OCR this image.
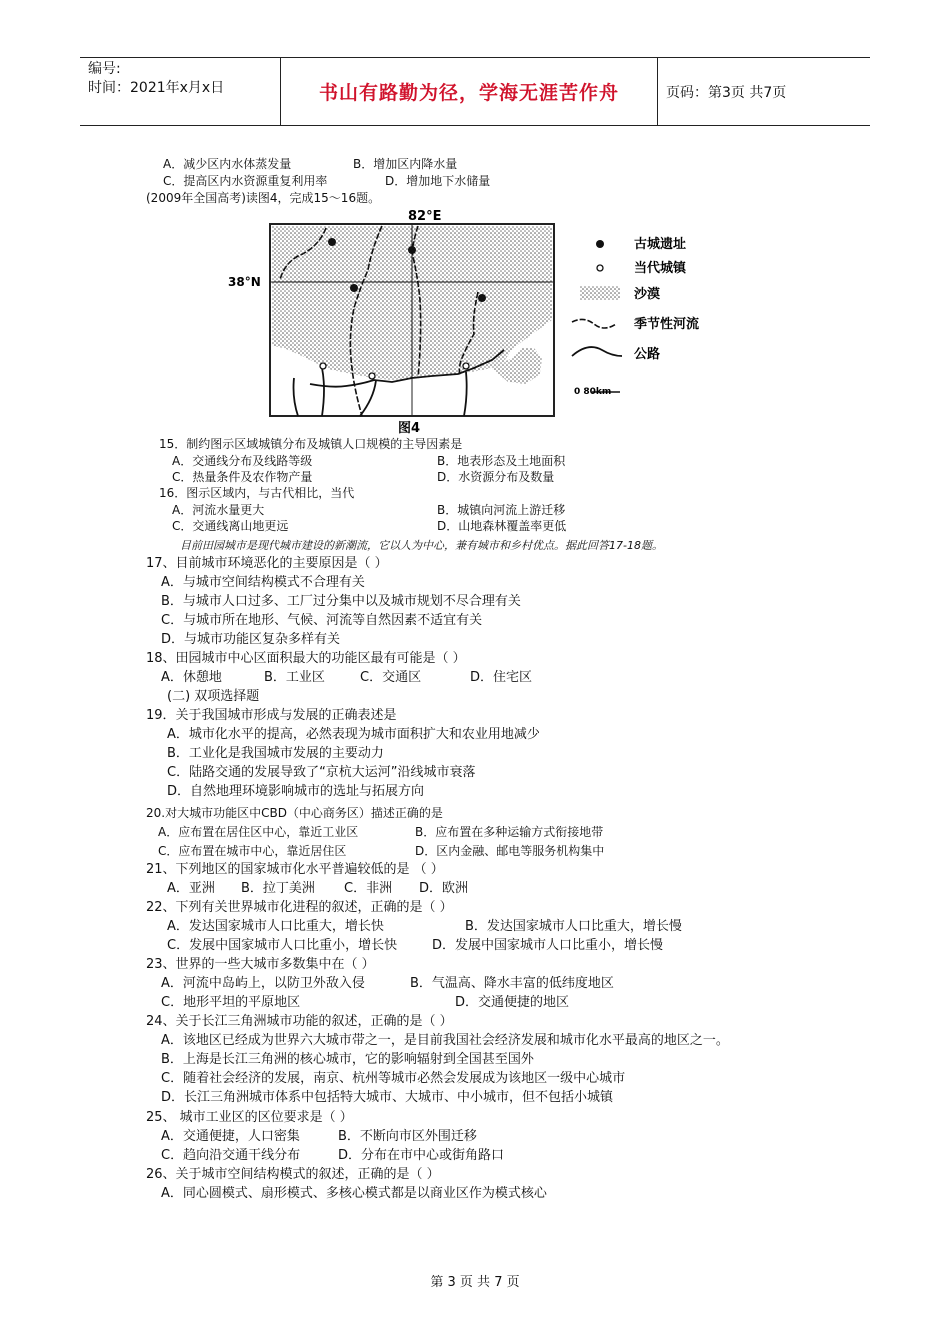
编号:
时间：2021年x月x日	书山有路勤为径，学海无涯苦作舟	页码：第3页 共7页
A．减少区内水体蒸发量	B．增加区内降水量
C．提高区内水资源重复利用率	D．增加地下水储量
(2009年全国高考)读图4，完成15～16题。
82°E
38°N
图4
古城遗址
当代城镇
沙漠
季节性河流
公路
0 80km
15．制约图示区域城镇分布及城镇人口规模的主导因素是
A．交通线分布及线路等级	B．地表形态及土地面积
C．热量条件及农作物产量	D．水资源分布及数量
16．图示区域内，与古代相比，当代
A．河流水量更大	B．城镇向河流上游迁移
C．交通线离山地更远	D．山地森林覆盖率更低
目前田园城市是现代城市建设的新潮流，它以人为中心，兼有城市和乡村优点。据此回答17-18题。
17、目前城市环境恶化的主要原因是（ ）
A．与城市空间结构模式不合理有关
B．与城市人口过多、工厂过分集中以及城市规划不尽合理有关
C．与城市所在地形、气候、河流等自然因素不适宜有关
D．与城市功能区复杂多样有关
18、田园城市中心区面积最大的功能区最有可能是（ ）
A．休憩地	B．工业区	C．交通区	D．住宅区
(二) 双项选择题
19．关于我国城市形成与发展的正确表述是
A．城市化水平的提高，必然表现为城市面积扩大和农业用地减少
B．工业化是我国城市发展的主要动力
C．陆路交通的发展导致了“京杭大运河”沿线城市衰落
D．自然地理环境影响城市的选址与拓展方向
20.对大城市功能区中CBD（中心商务区）描述正确的是
A．应布置在居住区中心，靠近工业区	B．应布置在多种运输方式衔接地带
C．应布置在城市中心，靠近居住区	D．区内金融、邮电等服务机构集中
21、下列地区的国家城市化水平普遍较低的是 （ ）
A．亚洲 B．拉丁美洲 C．非洲 D．欧洲
22、下列有关世界城市化进程的叙述，正确的是（ ）
A．发达国家城市人口比重大，增长快	B．发达国家城市人口比重大，增长慢
C．发展中国家城市人口比重小，增长快	D．发展中国家城市人口比重小，增长慢
23、世界的一些大城市多数集中在（ ）
A．河流中岛屿上，以防卫外敌入侵	B．气温高、降水丰富的低纬度地区
C．地形平坦的平原地区	D．交通便捷的地区
24、关于长江三角洲城市功能的叙述，正确的是（ ）
A．该地区已经成为世界六大城市带之一，是目前我国社会经济发展和城市化水平最高的地区之一。
B．上海是长江三角洲的核心城市，它的影响辐射到全国甚至国外
C．随着社会经济的发展，南京、杭州等城市必然会发展成为该地区一级中心城市
D．长江三角洲城市体系中包括特大城市、大城市、中小城市，但不包括小城镇
25、 城市工业区的区位要求是（ ）
A．交通便捷，人口密集	B．不断向市区外围迁移
C．趋向沿交通干线分布	D．分布在市中心或街角路口
26、关于城市空间结构模式的叙述，正确的是（ ）
A．同心圆模式、扇形模式、多核心模式都是以商业区作为模式核心
第 3 页 共 7 页
